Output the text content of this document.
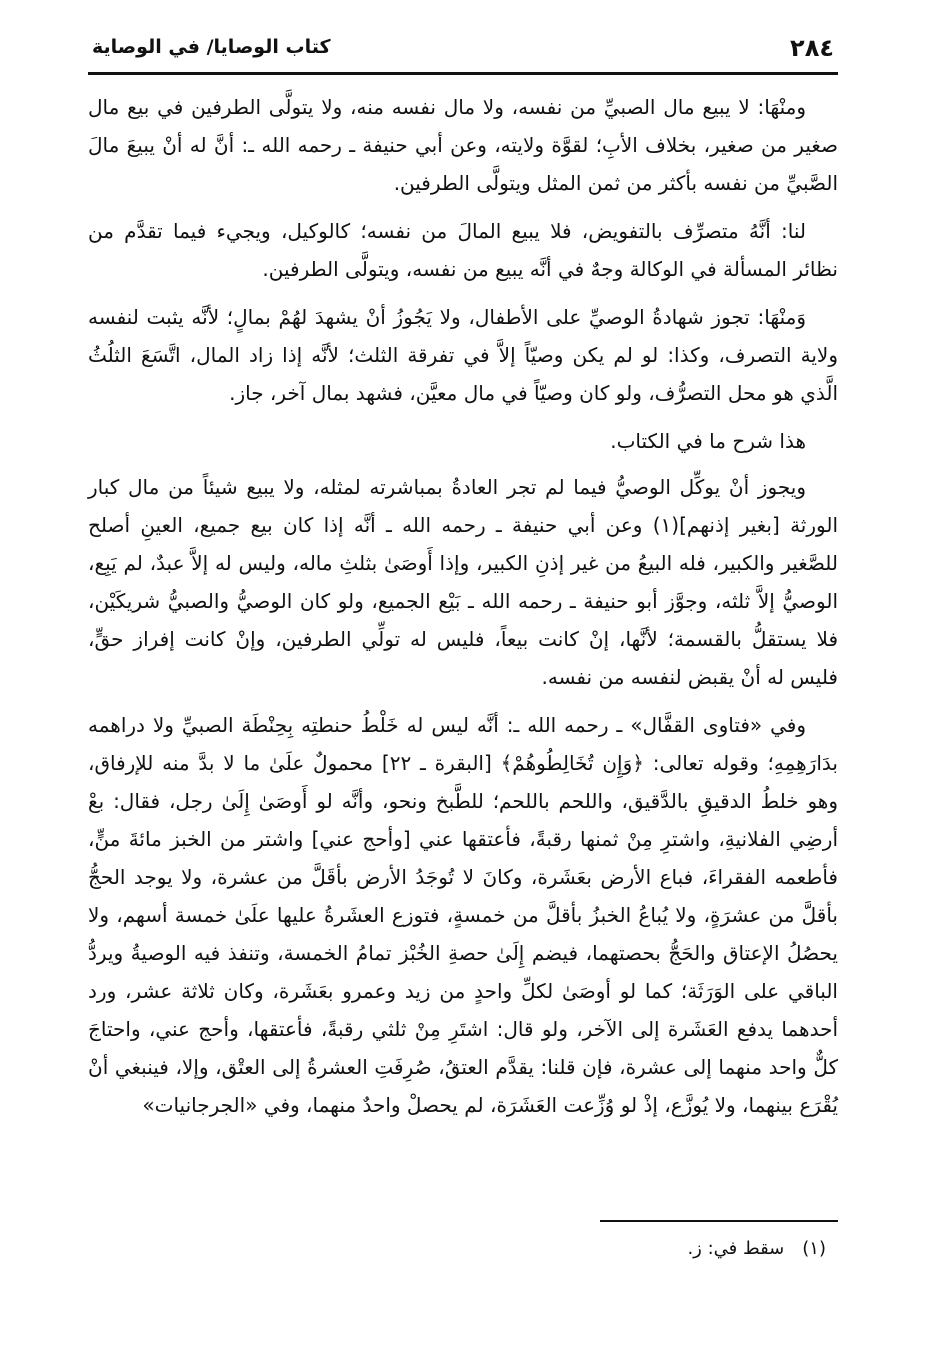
٢٨٤
كتاب الوصايا/ في الوصاية

ومنْهَا: لا يبيع مال الصبيِّ من نفسه، ولا مال نفسه منه، ولا يتولَّى الطرفين في بيع مال صغير من صغير، بخلاف الأبِ؛ لقوَّة ولايته، وعن أبي حنيفة ـ رحمه الله ـ: أنَّ له أنْ يبيعَ مالَ الصَّبيِّ من نفسه بأكثر من ثمن المثل ويتولَّى الطرفين.

لنا: أنَّهُ متصرِّف بالتفويض، فلا يبيع المالَ من نفسه؛ كالوكيل، ويجيء فيما تقدَّم من نظائر المسألة في الوكالة وجهٌ في أنَّه يبيع من نفسه، ويتولَّى الطرفين.

وَمنْهَا: تجوز شهادةُ الوصيِّ على الأطفال، ولا يَجُوزُ أنْ يشهدَ لهُمْ بمالٍ؛ لأنَّه يثبت لنفسه ولاية التصرف، وكذا: لو لم يكن وصيّاً إلاَّ في تفرقة الثلث؛ لأنَّه إذا زاد المال، اتَّسَعَ الثلُثُ الَّذي هو محل التصرُّف، ولو كان وصيّاً في مال معيَّن، فشهد بمال آخر، جاز.

هذا شرح ما في الكتاب.

ويجوز أنْ يوكِّل الوصيُّ فيما لم تجر العادةُ بمباشرته لمثله، ولا يبيع شيئاً من مال كبار الورثة [بغير إذنهم](١) وعن أبي حنيفة ـ رحمه الله ـ أنَّه إذا كان بيع جميع، العينِ أصلح للصَّغير والكبير، فله البيعُ من غير إذنِ الكبير، وإذا أَوصَىٰ بثلثِ ماله، وليس له إلاَّ عبدٌ، لم يَبِع، الوصيُّ إلاَّ ثلثه، وجوَّز أبو حنيفة ـ رحمه الله ـ بَيْع الجميع، ولو كان الوصيُّ والصبيُّ شريكَيْن، فلا يستقلُّ بالقسمة؛ لأنَّها، إنْ كانت بيعاً، فليس له تولِّي الطرفين، وإنْ كانت إفراز حقٍّ، فليس له أنْ يقبض لنفسه من نفسه.

وفي «فتاوى القفَّال» ـ رحمه الله ـ: أنَّه ليس له خَلْطُ حنطتِه بِحِنْطَة الصبيِّ ولا دراهمه بدَارَهِمِهِ؛ وقوله تعالى: ﴿وَإِن تُخَالِطُوهُمْ﴾ [البقرة ـ ٢٢] محمولٌ علَىٰ ما لا بدَّ منه للإرفاق، وهو خلطُ الدقيقِ بالدَّقيق، واللحم باللحم؛ للطَّبخ ونحو، وأنَّه لو أَوصَىٰ إِلَىٰ رجل، فقال: بعْ أرضِي الفلانيةِ، واشترِ مِنْ ثمنها رقبةً، فأعتقها عني [وأحج عني] واشتر من الخبز مائةَ منٍّ، فأطعمه الفقراءَ، فباع الأرض بعَشَرة، وكانَ لا تُوجَدُ الأرض بأقَلَّ من عشرة، ولا يوجد الحجُّ بأقلَّ من عشرَةٍ، ولا يُباعُ الخبزُ بأقلَّ من خمسةٍ، فتوزع العشَرةُ عليها علَىٰ خمسة أسهم، ولا يحصُلُ الإعتاق والحَجُّ بحصتهما، فيضم إِلَىٰ حصةِ الخُبْز تمامُ الخمسة، وتنفذ فيه الوصيةُ ويردُّ الباقي على الوَرَثَة؛ كما لو أوصَىٰ لكلِّ واحدٍ من زيد وعمرو بعَشَرة، وكان ثلاثة عشر، ورد أحدهما يدفع العَشَرة إلى الآخر، ولو قال: اشتَرِ مِنْ ثلثي رقبةً، فأعتقها، وأحج عني، واحتاجَ كلٌّ واحد منهما إلى عشرة، فإن قلنا: يقدَّم العتقُ، صُرِفَتِ العشرةُ إلى العتْق، وإلا، فينبغي أنْ يُقْرَع بينهما، ولا يُوزَّع، إذْ لو وُزِّعت العَشَرَة، لم يحصلْ واحدٌ منهما، وفي «الجرجانيات»

(١)سقط في: ز.
